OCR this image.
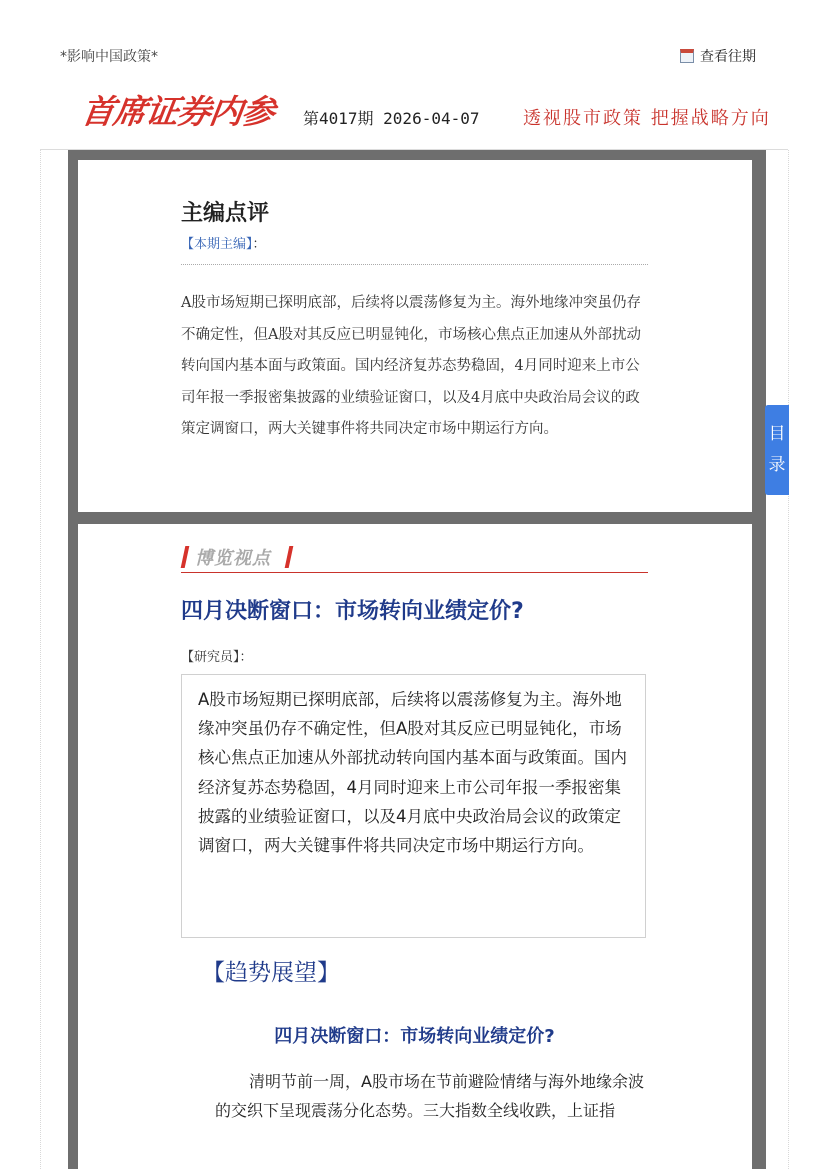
*影响中国政策*	查看往期
首席证券内参 第4017期 2026-04-07 透视股市政策 把握战略方向
主编点评
【本期主编】：
A股市场短期已探明底部，后续将以震荡修复为主。海外地缘冲突虽仍存不确定性，但A股对其反应已明显钝化，市场核心焦点正加速从外部扰动转向国内基本面与政策面。国内经济复苏态势稳固，4月同时迎来上市公司年报一季报密集披露的业绩验证窗口，以及4月底中央政治局会议的政策定调窗口，两大关键事件将共同决定市场中期运行方向。
博览视点
四月决断窗口：市场转向业绩定价?
【研究员】：
A股市场短期已探明底部，后续将以震荡修复为主。海外地缘冲突虽仍存不确定性，但A股对其反应已明显钝化，市场核心焦点正加速从外部扰动转向国内基本面与政策面。国内经济复苏态势稳固，4月同时迎来上市公司年报一季报密集披露的业绩验证窗口，以及4月底中央政治局会议的政策定调窗口，两大关键事件将共同决定市场中期运行方向。
【趋势展望】
四月决断窗口：市场转向业绩定价?
清明节前一周，A股市场在节前避险情绪与海外地缘余波的交织下呈现震荡分化态势。三大指数全线收跌，上证指
目录
